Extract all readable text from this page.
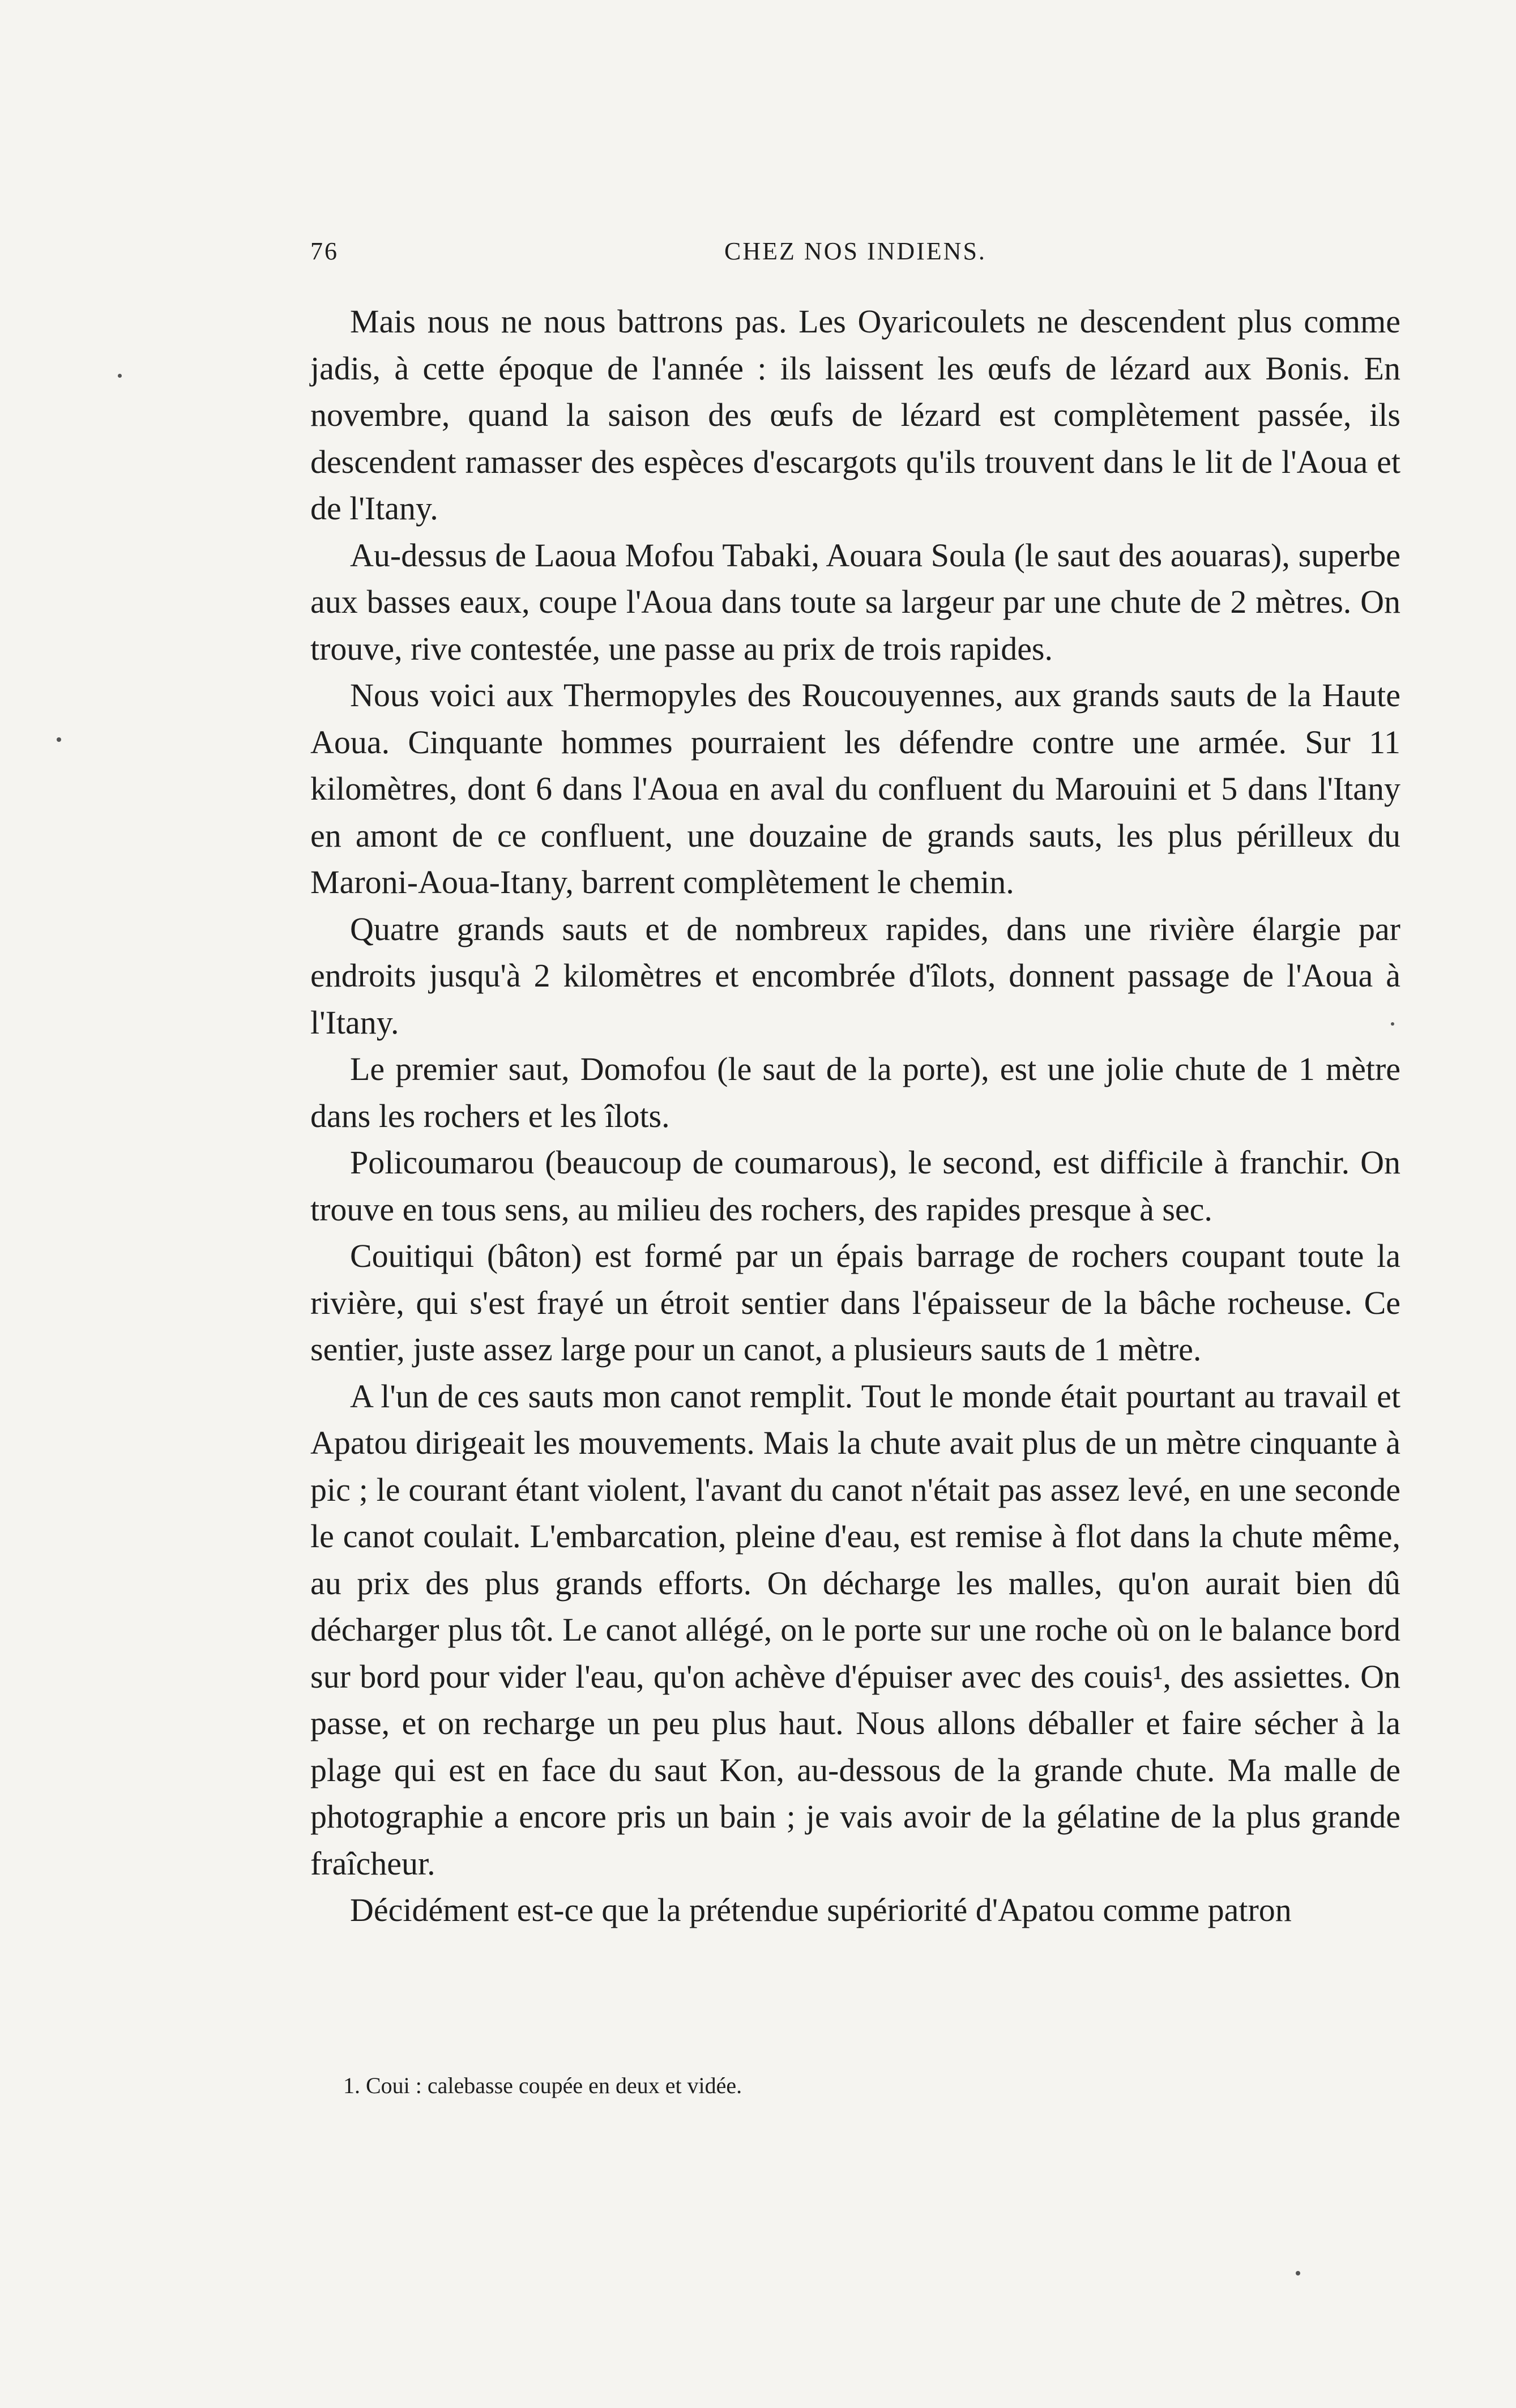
76	CHEZ NOS INDIENS.

Mais nous ne nous battrons pas. Les Oyaricoulets ne descendent plus comme jadis, à cette époque de l'année : ils laissent les œufs de lézard aux Bonis. En novembre, quand la saison des œufs de lézard est complètement passée, ils descendent ramasser des espèces d'escargots qu'ils trouvent dans le lit de l'Aoua et de l'Itany.

Au-dessus de Laoua Mofou Tabaki, Aouara Soula (le saut des aouaras), superbe aux basses eaux, coupe l'Aoua dans toute sa largeur par une chute de 2 mètres. On trouve, rive contestée, une passe au prix de trois rapides.

Nous voici aux Thermopyles des Roucouyennes, aux grands sauts de la Haute Aoua. Cinquante hommes pourraient les défendre contre une armée. Sur 11 kilomètres, dont 6 dans l'Aoua en aval du confluent du Marouini et 5 dans l'Itany en amont de ce confluent, une douzaine de grands sauts, les plus périlleux du Maroni-Aoua-Itany, barrent complètement le chemin.

Quatre grands sauts et de nombreux rapides, dans une rivière élargie par endroits jusqu'à 2 kilomètres et encombrée d'îlots, donnent passage de l'Aoua à l'Itany.

Le premier saut, Domofou (le saut de la porte), est une jolie chute de 1 mètre dans les rochers et les îlots.

Policoumarou (beaucoup de coumarous), le second, est difficile à franchir. On trouve en tous sens, au milieu des rochers, des rapides presque à sec.

Couitiqui (bâton) est formé par un épais barrage de rochers coupant toute la rivière, qui s'est frayé un étroit sentier dans l'épaisseur de la bâche rocheuse. Ce sentier, juste assez large pour un canot, a plusieurs sauts de 1 mètre.

A l'un de ces sauts mon canot remplit. Tout le monde était pourtant au travail et Apatou dirigeait les mouvements. Mais la chute avait plus de un mètre cinquante à pic ; le courant étant violent, l'avant du canot n'était pas assez levé, en une seconde le canot coulait. L'embarcation, pleine d'eau, est remise à flot dans la chute même, au prix des plus grands efforts. On décharge les malles, qu'on aurait bien dû décharger plus tôt. Le canot allégé, on le porte sur une roche où on le balance bord sur bord pour vider l'eau, qu'on achève d'épuiser avec des couis¹, des assiettes. On passe, et on recharge un peu plus haut. Nous allons déballer et faire sécher à la plage qui est en face du saut Kon, au-dessous de la grande chute. Ma malle de photographie a encore pris un bain ; je vais avoir de la gélatine de la plus grande fraîcheur.

Décidément est-ce que la prétendue supériorité d'Apatou comme patron

1. Coui : calebasse coupée en deux et vidée.
